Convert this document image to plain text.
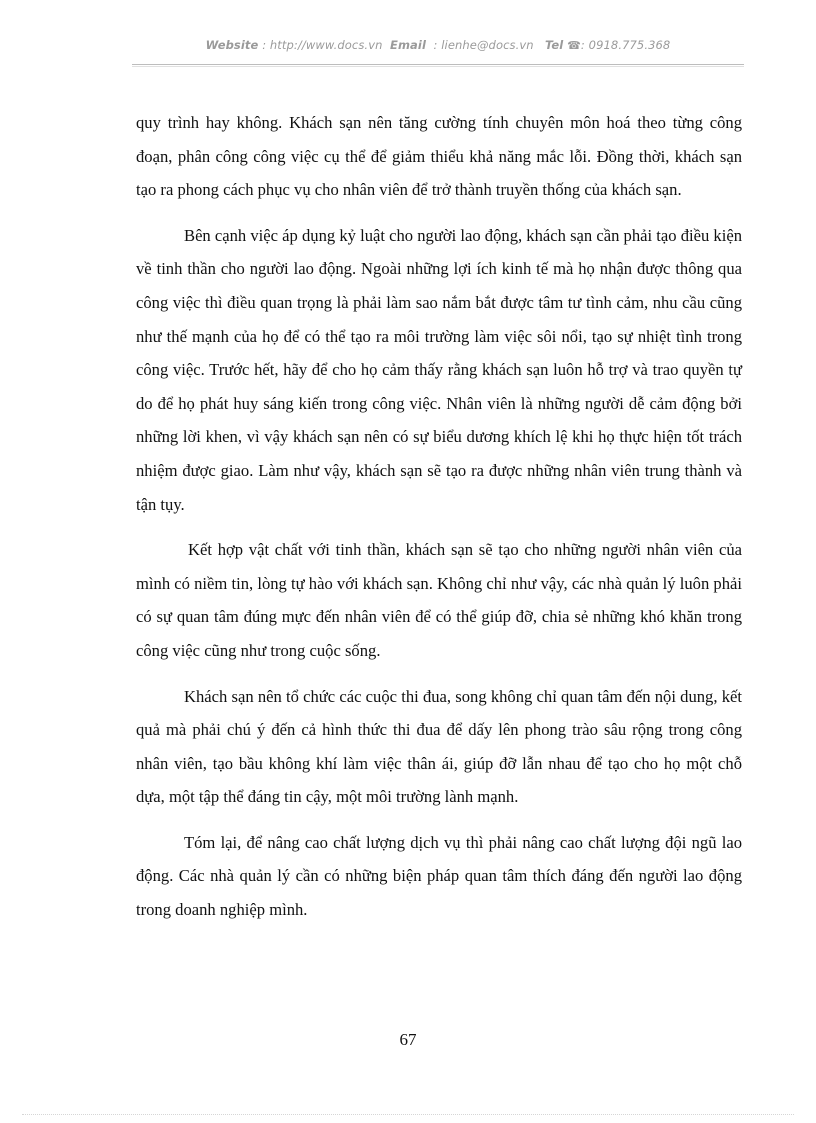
Website : http://www.docs.vn Email : lienhe@docs.vn Tel ☎: 0918.775.368

quy trình hay không. Khách sạn nên tăng cường tính chuyên môn hoá theo từng công đoạn, phân công công việc cụ thể để giảm thiểu khả năng mắc lỗi. Đồng thời, khách sạn tạo ra phong cách phục vụ cho nhân viên để trở thành truyền thống của khách sạn.

Bên cạnh việc áp dụng kỷ luật cho người lao động, khách sạn cần phải tạo điều kiện về tinh thần cho người lao động. Ngoài những lợi ích kinh tế mà họ nhận được thông qua công việc thì điều quan trọng là phải làm sao nắm bắt được tâm tư tình cảm, nhu cầu cũng như thế mạnh của họ để có thể tạo ra môi trường làm việc sôi nổi, tạo sự nhiệt tình trong công việc. Trước hết, hãy để cho họ cảm thấy rằng khách sạn luôn hỗ trợ và trao quyền tự do để họ phát huy sáng kiến trong công việc. Nhân viên là những người dễ cảm động bởi những lời khen, vì vậy khách sạn nên có sự biểu dương khích lệ khi họ thực hiện tốt trách nhiệm được giao. Làm như vậy, khách sạn sẽ tạo ra được những nhân viên trung thành và tận tụy.

Kết hợp vật chất với tinh thần, khách sạn sẽ tạo cho những người nhân viên của mình có niềm tin, lòng tự hào với khách sạn. Không chỉ như vậy, các nhà quản lý luôn phải có sự quan tâm đúng mực đến nhân viên để có thể giúp đỡ, chia sẻ những khó khăn trong công việc cũng như trong cuộc sống.

Khách sạn nên tổ chức các cuộc thi đua, song không chỉ quan tâm đến nội dung, kết quả mà phải chú ý đến cả hình thức thi đua để dấy lên phong trào sâu rộng trong công nhân viên, tạo bầu không khí làm việc thân ái, giúp đỡ lẫn nhau để tạo cho họ một chỗ dựa, một tập thể đáng tin cậy, một môi trường lành mạnh.

Tóm lại, để nâng cao chất lượng dịch vụ thì phải nâng cao chất lượng đội ngũ lao động. Các nhà quản lý cần có những biện pháp quan tâm thích đáng đến người lao động trong doanh nghiệp mình.

67
